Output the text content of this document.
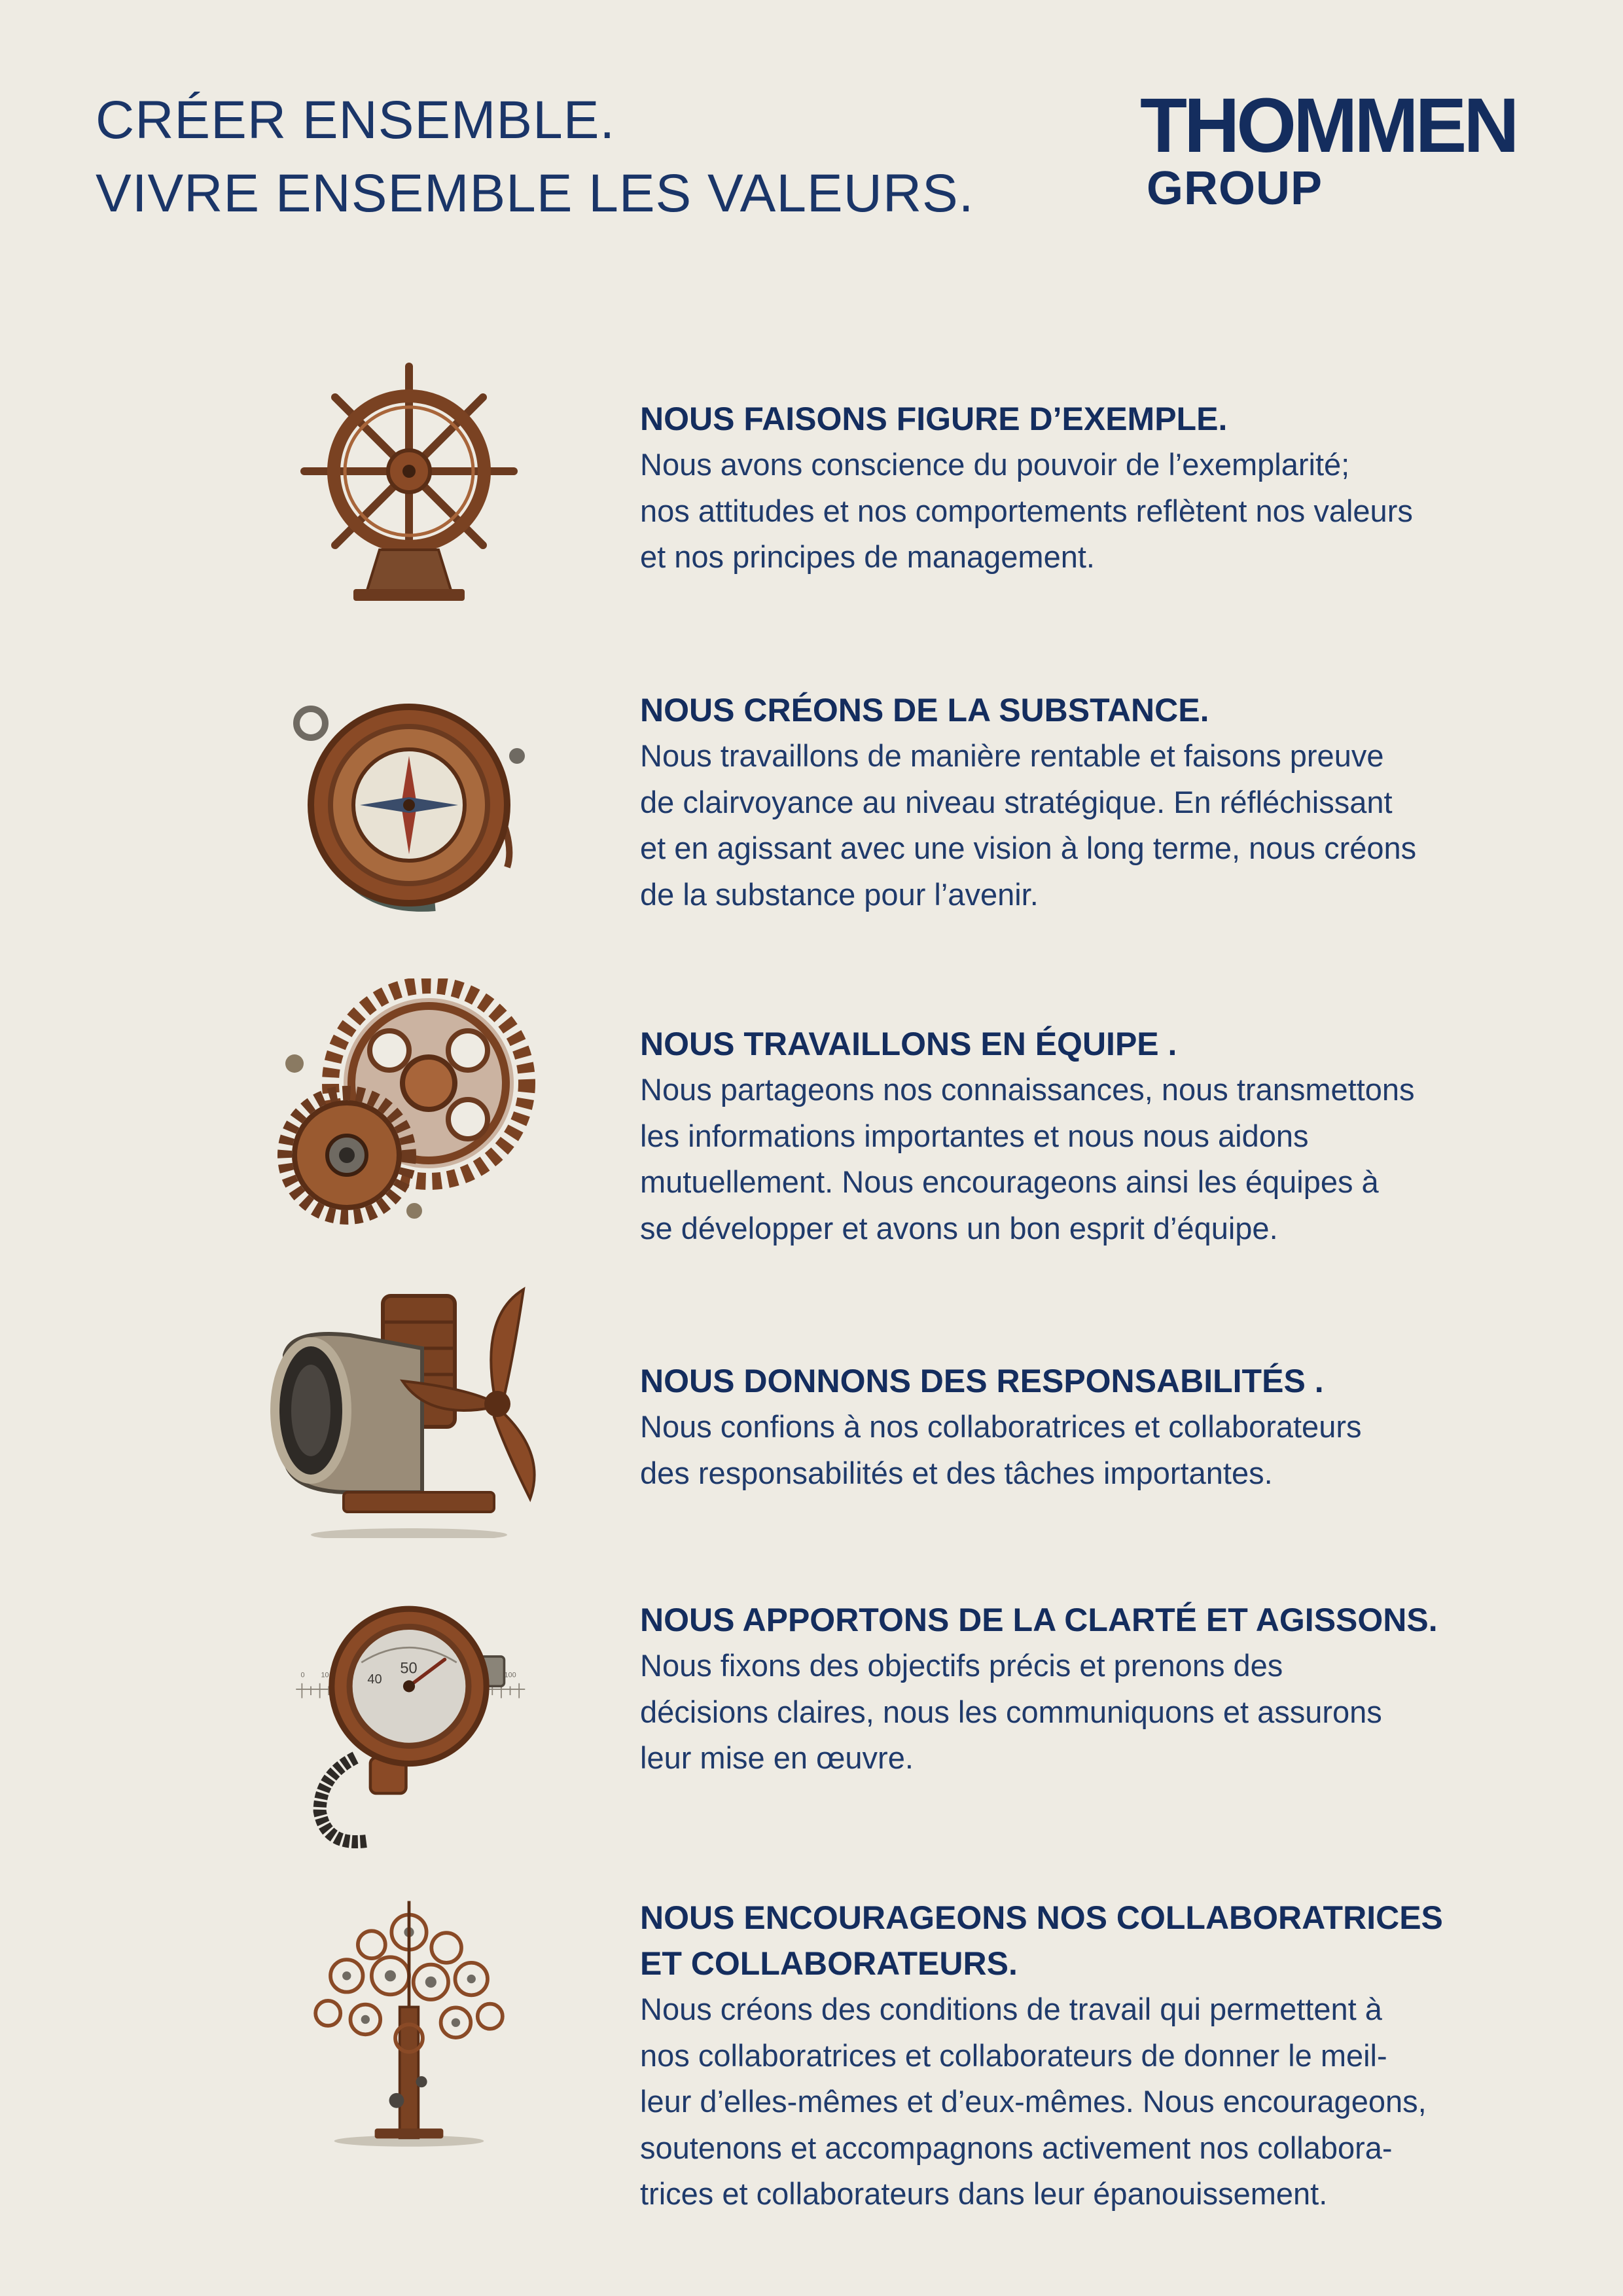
CRÉER ENSEMBLE.
VIVRE ENSEMBLE LES VALEURS.
THOMMEN
GROUP
NOUS FAISONS FIGURE D’EXEMPLE.
Nous avons conscience du pouvoir de l’exemplarité;
nos attitudes et nos comportements reflètent nos valeurs
et nos principes de management.
NOUS CRÉONS DE LA SUBSTANCE.
Nous travaillons de manière rentable et faisons preuve
de clairvoyance au niveau stratégique. En réfléchissant
et en agissant avec une vision à long terme, nous créons
de la substance pour l’avenir.
NOUS TRAVAILLONS EN ÉQUIPE .
Nous partageons nos connaissances, nous transmettons
les informations importantes et nous nous aidons
mutuellement. Nous encourageons ainsi les équipes à
se développer et avons un bon esprit d’équipe.
NOUS DONNONS DES RESPONSABILITÉS .
Nous confions à nos collaboratrices et collaborateurs
des responsabilités et des tâches importantes.
0 10	100
40
50
NOUS APPORTONS DE LA CLARTÉ ET AGISSONS.
Nous fixons des objectifs précis et prenons des
décisions claires, nous les communiquons et assurons
leur mise en œuvre.
NOUS ENCOURAGEONS NOS COLLABORATRICES
ET COLLABORATEURS.
Nous créons des conditions de travail qui permettent à
nos collaboratrices et collaborateurs de donner le meil-
leur d’elles-mêmes et d’eux-mêmes. Nous encourageons,
soutenons et accompagnons activement nos collabora-
trices et collaborateurs dans leur épanouissement.
